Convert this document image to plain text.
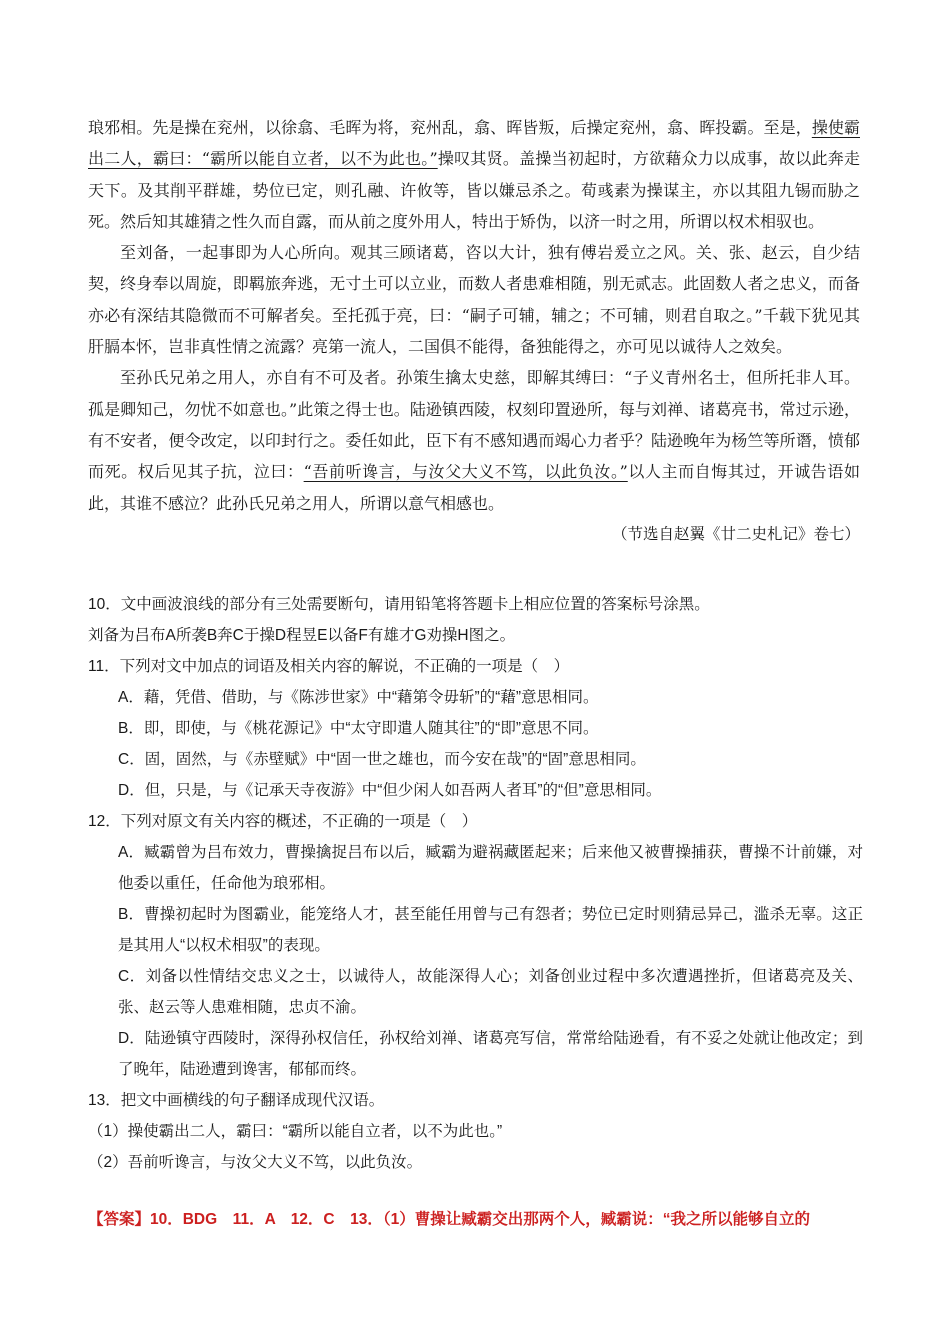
琅邪相。先是操在兖州，以徐翕、毛晖为将，兖州乱，翕、晖皆叛，后操定兖州，翕、晖投霸。至是，操使霸出二人，霸曰：“霸所以能自立者，以不为此也。”操叹其贤。盖操当初起时，方欲藉众力以成事，故以此奔走天下。及其削平群雄，势位已定，则孔融、许攸等，皆以嫌忌杀之。荀彧素为操谋主，亦以其阻九锡而胁之死。然后知其雄猜之性久而自露，而从前之度外用人，特出于矫伪，以济一时之用，所谓以权术相驭也。

至刘备，一起事即为人心所向。观其三顾诸葛，咨以大计，独有傅岩爰立之风。关、张、赵云，自少结契，终身奉以周旋，即羁旅奔逃，无寸土可以立业，而数人者患难相随，别无贰志。此固数人者之忠义，而备亦必有深结其隐微而不可解者矣。至托孤于亮，曰：“嗣子可辅，辅之；不可辅，则君自取之。”千载下犹见其肝膈本怀，岂非真性情之流露？亮第一流人，二国俱不能得，备独能得之，亦可见以诚待人之效矣。

至孙氏兄弟之用人，亦自有不可及者。孙策生擒太史慈，即解其缚曰：“子义青州名士，但所托非人耳。孤是卿知己，勿忧不如意也。”此策之得士也。陆逊镇西陵，权刻印置逊所，每与刘禅、诸葛亮书，常过示逊，有不安者，便令改定，以印封行之。委任如此，臣下有不感知遇而竭心力者乎？陆逊晚年为杨竺等所谮，愤郁而死。权后见其子抗，泣曰：“吾前听谗言，与汝父大义不笃，以此负汝。”以人主而自悔其过，开诚告语如此，其谁不感泣？此孙氏兄弟之用人，所谓以意气相感也。

（节选自赵翼《廿二史札记》卷七）

10．文中画波浪线的部分有三处需要断句，请用铅笔将答题卡上相应位置的答案标号涂黑。
刘备为吕布A所袭B奔C于操D程昱E以备F有雄才G劝操H图之。
11．下列对文中加点的词语及相关内容的解说，不正确的一项是（　）
A．藉，凭借、借助，与《陈涉世家》中“藉第令毋斩”的“藉”意思相同。
B．即，即使，与《桃花源记》中“太守即遣人随其往”的“即”意思不同。
C．固，固然，与《赤壁赋》中“固一世之雄也，而今安在哉”的“固”意思相同。
D．但，只是，与《记承天寺夜游》中“但少闲人如吾两人者耳”的“但”意思相同。
12．下列对原文有关内容的概述，不正确的一项是（　）
A．臧霸曾为吕布效力，曹操擒捉吕布以后，臧霸为避祸藏匿起来；后来他又被曹操捕获，曹操不计前嫌，对他委以重任，任命他为琅邪相。
B．曹操初起时为图霸业，能笼络人才，甚至能任用曾与己有怨者；势位已定时则猜忌异己，滥杀无辜。这正是其用人“以权术相驭”的表现。
C．刘备以性情结交忠义之士，以诚待人，故能深得人心；刘备创业过程中多次遭遇挫折，但诸葛亮及关、张、赵云等人患难相随，忠贞不渝。
D．陆逊镇守西陵时，深得孙权信任，孙权给刘禅、诸葛亮写信，常常给陆逊看，有不妥之处就让他改定；到了晚年，陆逊遭到谗害，郁郁而终。
13．把文中画横线的句子翻译成现代汉语。
（1）操使霸出二人，霸曰：“霸所以能自立者，以不为此也。”
（2）吾前听谗言，与汝父大义不笃，以此负汝。
【答案】10．BDG　11．A　12．C　13．（1）曹操让臧霸交出那两个人，臧霸说：“我之所以能够自立的
